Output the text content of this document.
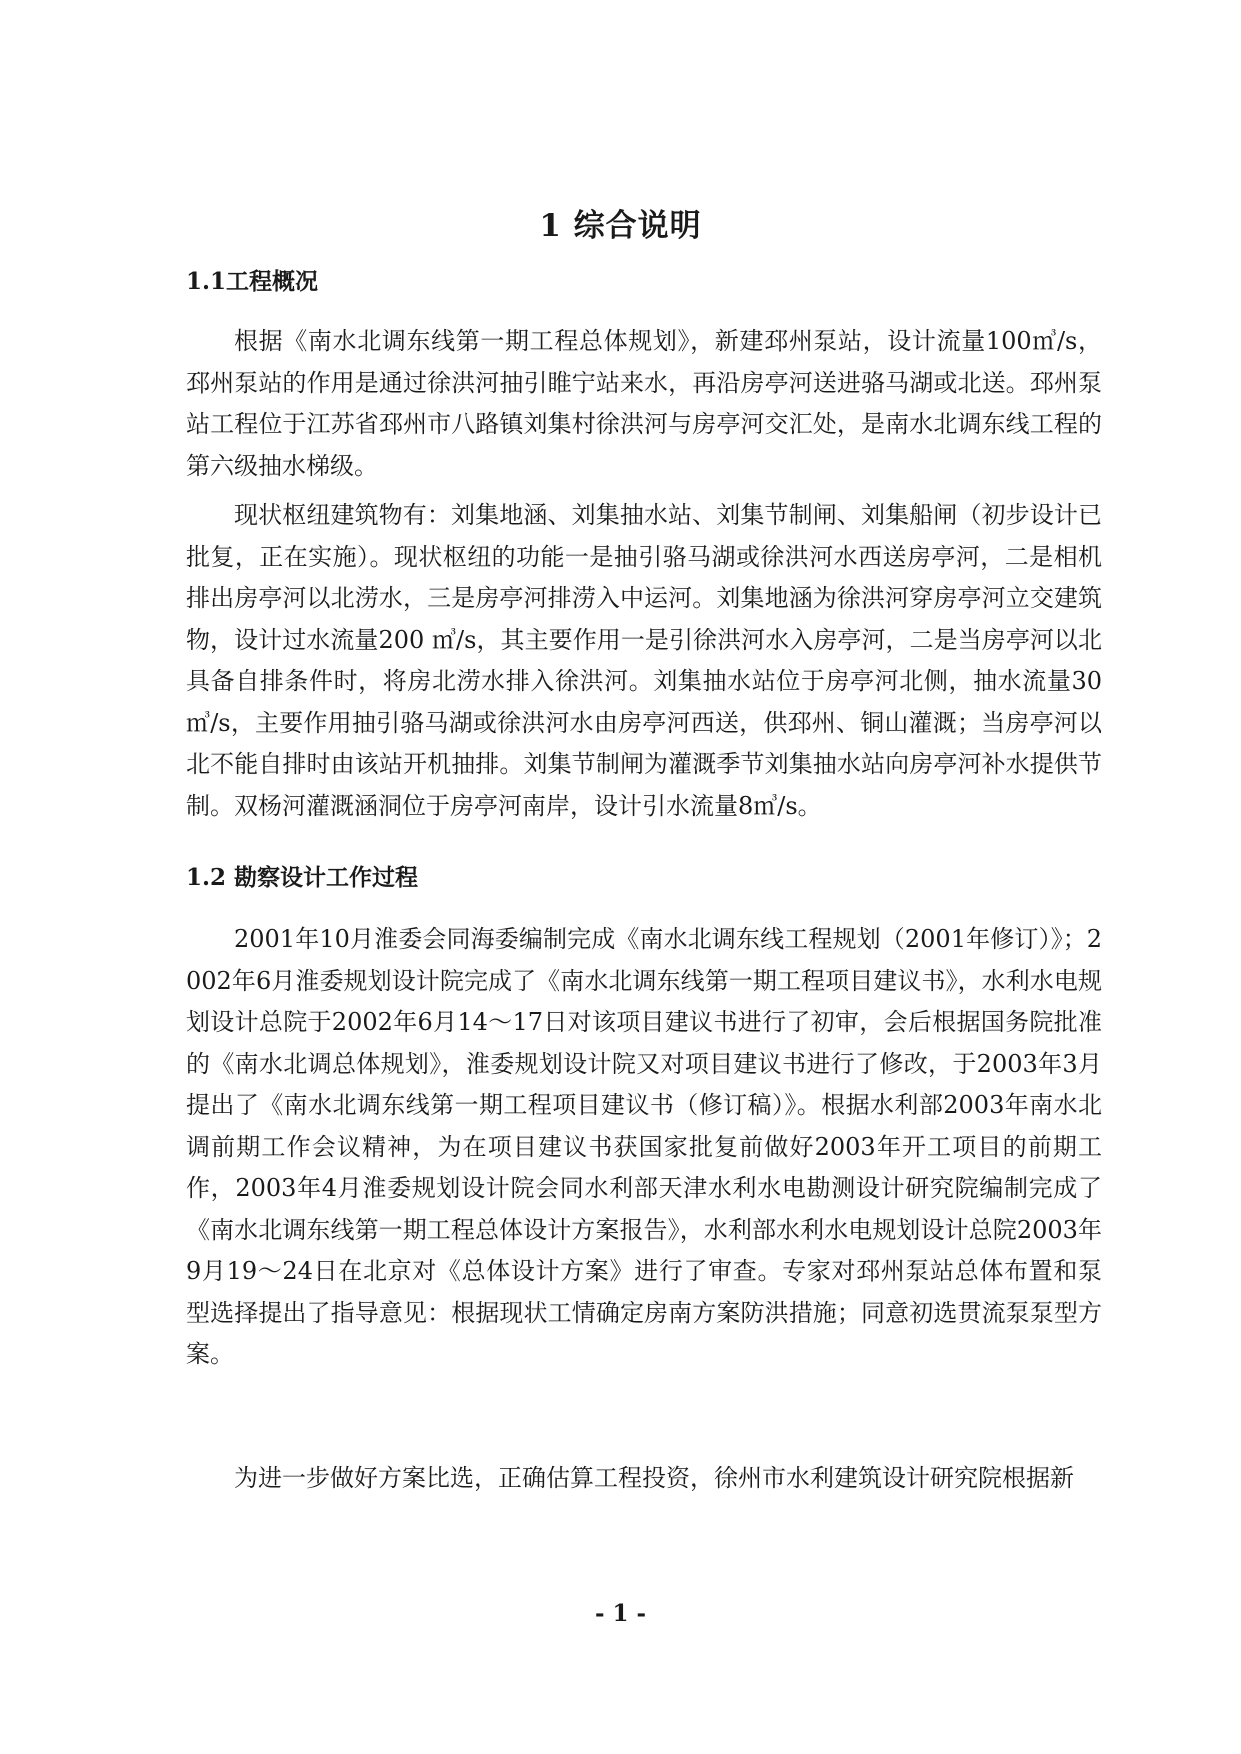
1 综合说明
1.1工程概况

根据《南水北调东线第一期工程总体规划》，新建邳州泵站，设计流量100㎥/s，邳州泵站的作用是通过徐洪河抽引睢宁站来水，再沿房亭河送进骆马湖或北送。邳州泵站工程位于江苏省邳州市八路镇刘集村徐洪河与房亭河交汇处，是南水北调东线工程的第六级抽水梯级。

现状枢纽建筑物有：刘集地涵、刘集抽水站、刘集节制闸、刘集船闸（初步设计已批复，正在实施）。现状枢纽的功能一是抽引骆马湖或徐洪河水西送房亭河，二是相机排出房亭河以北涝水，三是房亭河排涝入中运河。刘集地涵为徐洪河穿房亭河立交建筑物，设计过水流量200 ㎥/s，其主要作用一是引徐洪河水入房亭河，二是当房亭河以北具备自排条件时，将房北涝水排入徐洪河。刘集抽水站位于房亭河北侧，抽水流量30㎥/s，主要作用抽引骆马湖或徐洪河水由房亭河西送，供邳州、铜山灌溉；当房亭河以北不能自排时由该站开机抽排。刘集节制闸为灌溉季节刘集抽水站向房亭河补水提供节制。双杨河灌溉涵洞位于房亭河南岸，设计引水流量8㎥/s。

1.2 勘察设计工作过程

2001年10月淮委会同海委编制完成《南水北调东线工程规划（2001年修订）》；2002年6月淮委规划设计院完成了《南水北调东线第一期工程项目建议书》，水利水电规划设计总院于2002年6月14～17日对该项目建议书进行了初审，会后根据国务院批准的《南水北调总体规划》，淮委规划设计院又对项目建议书进行了修改，于2003年3月提出了《南水北调东线第一期工程项目建议书（修订稿）》。根据水利部2003年南水北调前期工作会议精神，为在项目建议书获国家批复前做好2003年开工项目的前期工作，2003年4月淮委规划设计院会同水利部天津水利水电勘测设计研究院编制完成了《南水北调东线第一期工程总体设计方案报告》，水利部水利水电规划设计总院2003年9月19～24日在北京对《总体设计方案》进行了审查。专家对邳州泵站总体布置和泵型选择提出了指导意见：根据现状工情确定房南方案防洪措施；同意初选贯流泵泵型方案。

为进一步做好方案比选，正确估算工程投资，徐州市水利建筑设计研究院根据新

- 1 -
